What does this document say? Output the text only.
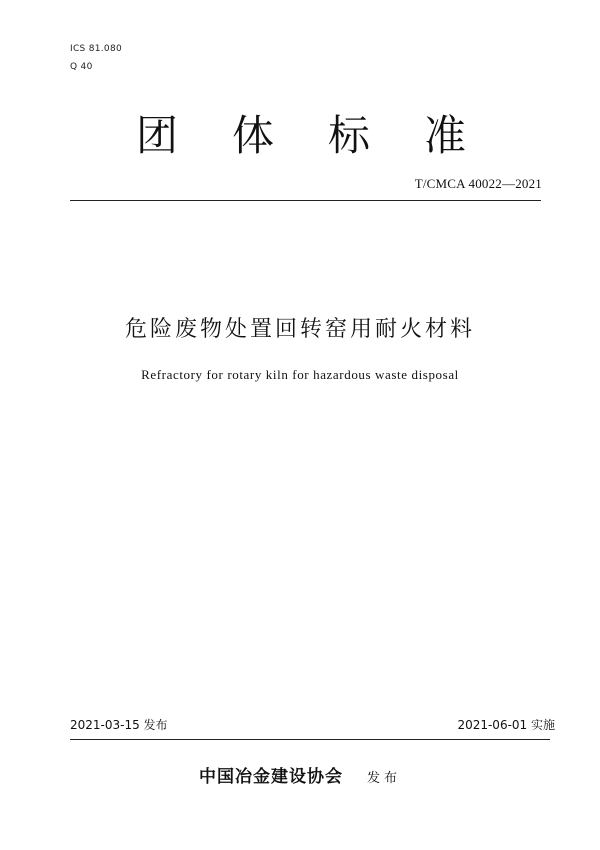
ICS 81.080
Q 40
团 体 标 准
T/CMCA 40022—2021
危险废物处置回转窑用耐火材料
Refractory for rotary kiln for hazardous waste disposal
2021-03-15 发布	2021-06-01 实施
中国冶金建设协会 发布
